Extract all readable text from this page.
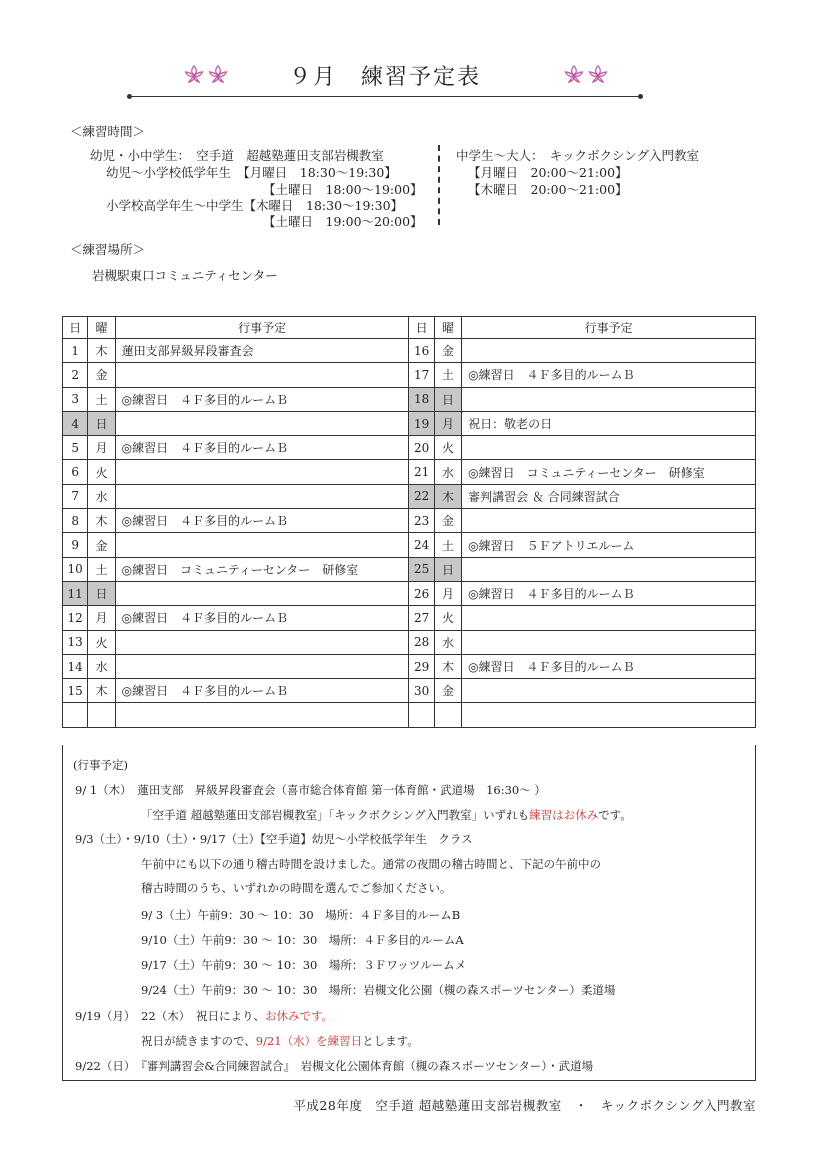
９月　練習予定表
＜練習時間＞
幼児・小中学生：　空手道　超越塾蓮田支部岩槻教室
幼児～小学校低学年生　【月曜日　18:30～19:30】
【土曜日　18:00～19:00】
小学校高学年生～中学生【木曜日　18:30～19:30】
【土曜日　19:00～20:00】
中学生～大人：　キックボクシング入門教室
【月曜日　20:00～21:00】
【木曜日　20:00～21:00】
＜練習場所＞
岩槻駅東口コミュニティセンター
日	曜	行事予定	日	曜	行事予定
1	木	蓮田支部昇級昇段審査会	16	金	
2	金		17	土	◎練習日　４Ｆ多目的ルームＢ
3	土	◎練習日　４Ｆ多目的ルームＢ	18	日	
4	日		19	月	祝日：敬老の日
5	月	◎練習日　４Ｆ多目的ルームＢ	20	火	
6	火		21	水	◎練習日　コミュニティーセンター　研修室
7	水		22	木	審判講習会 ＆ 合同練習試合
8	木	◎練習日　４Ｆ多目的ルームＢ	23	金	
9	金		24	土	◎練習日　５Ｆアトリエルーム
10	土	◎練習日　コミュニティーセンター　研修室	25	日	
11	日		26	月	◎練習日　４Ｆ多目的ルームＢ
12	月	◎練習日　４Ｆ多目的ルームＢ	27	火	
13	火		28	水	
14	水		29	木	◎練習日　４Ｆ多目的ルームＢ
15	木	◎練習日　４Ｆ多目的ルームＢ	30	金	

(行事予定)
9/ 1（木）　蓮田支部　昇級昇段審査会（喜市総合体育館 第一体育館・武道場　16:30～ ）
「空手道 超越塾蓮田支部岩槻教室」「キックボクシング入門教室」いずれも練習はお休みです。
9/3（土）・9/10（土）・9/17（土）【空手道】幼児～小学校低学年生　クラス
午前中にも以下の通り稽古時間を設けました。通常の夜間の稽古時間と、下記の午前中の
稽古時間のうち、いずれかの時間を選んでご参加ください。
9/ 3（土）午前9：30 ～ 10：30　場所：４Ｆ多目的ルームB
9/10（土）午前9：30 ～ 10：30　場所：４Ｆ多目的ルームA
9/17（土）午前9：30 ～ 10：30　場所：３Ｆワッツルームメ
9/24（土）午前9：30 ～ 10：30　場所：岩槻文化公園（槻の森スポーツセンター）柔道場
9/19（月）　22（木）　祝日により、お休みです。
祝日が続きますので、9/21（水）を練習日とします。
9/22（日）　『審判講習会&合同練習試合』　岩槻文化公園体育館（槻の森スポーツセンター）・武道場
平成28年度　空手道 超越塾蓮田支部岩槻教室　・　キックボクシング入門教室
